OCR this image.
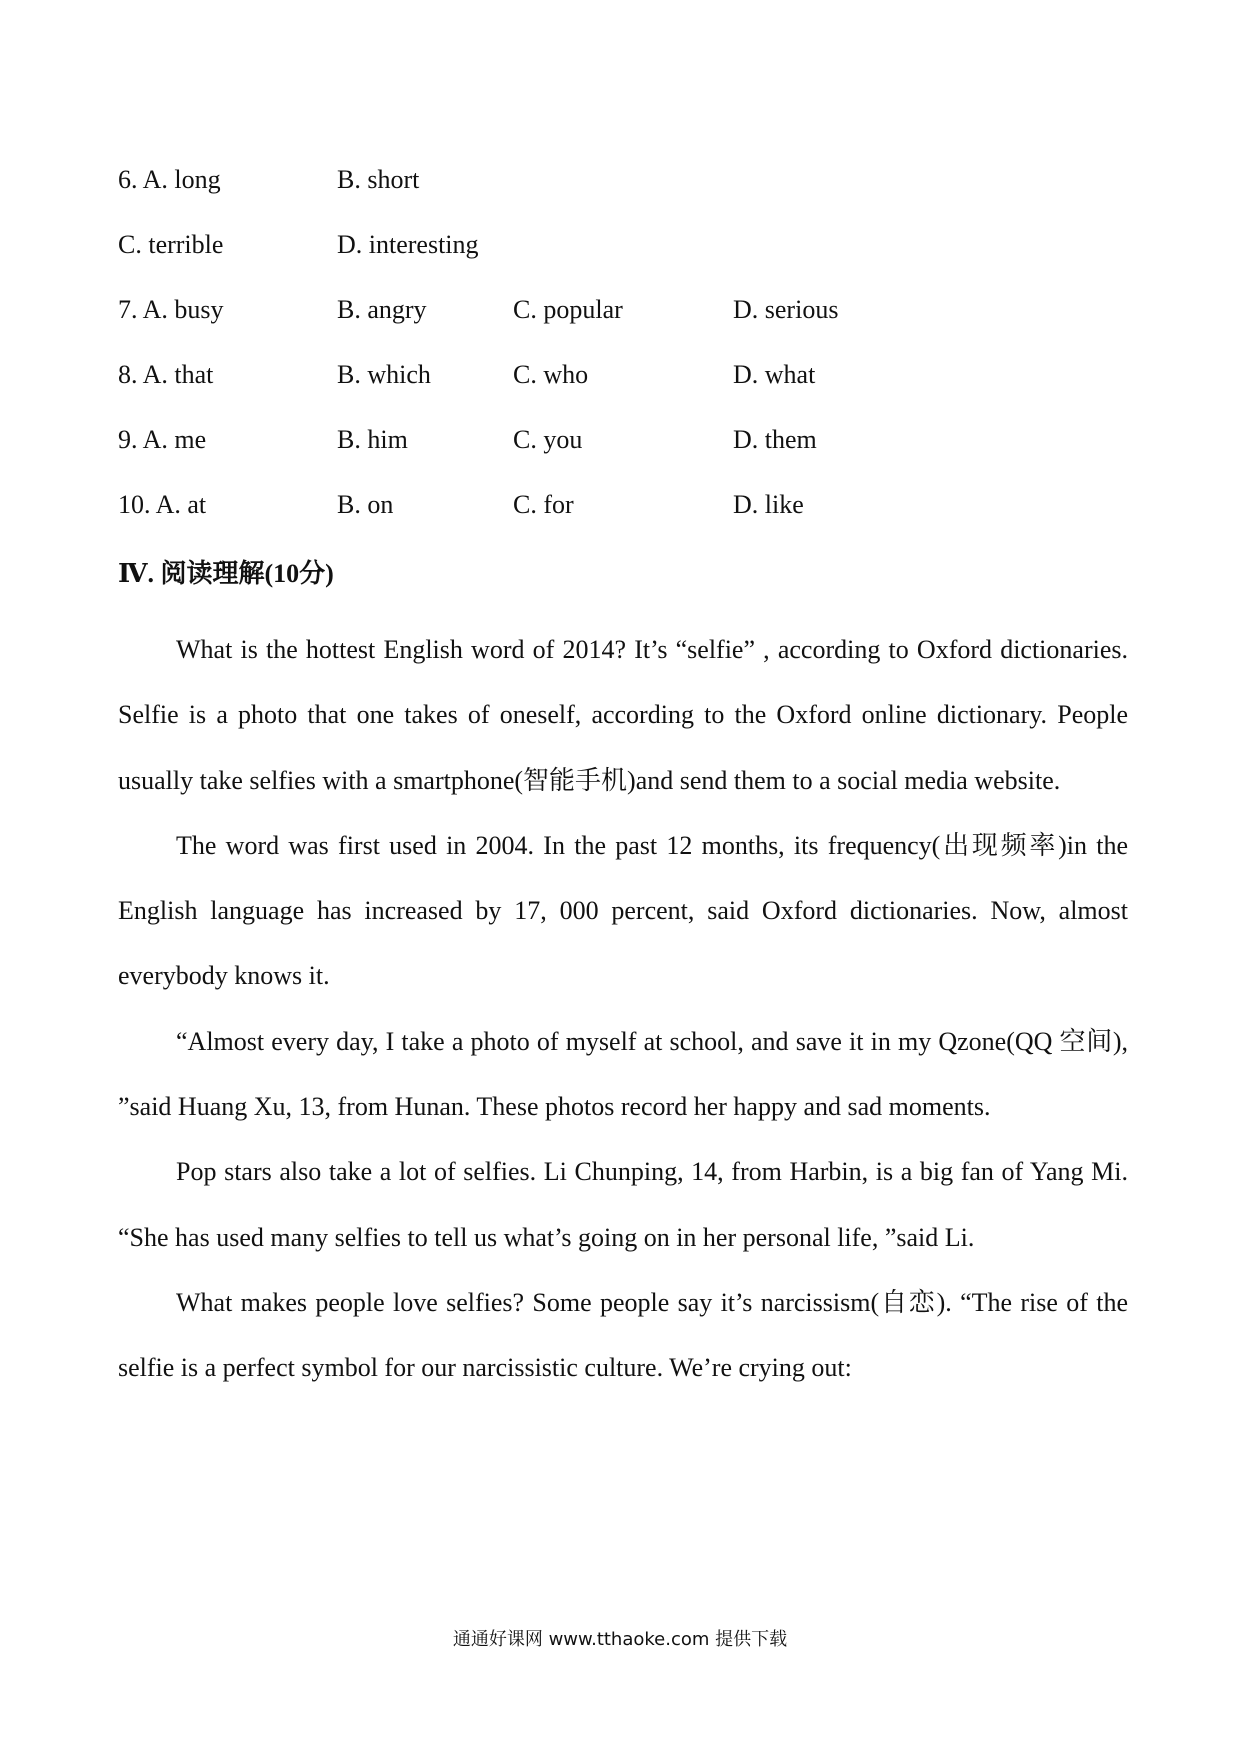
6. A. long	B. short
C. terrible	D. interesting
7. A. busy	B. angry	C. popular	D. serious
8. A. that	B. which	C. who	D. what
9. A. me	B. him	C. you	D. them
10. A. at	B. on	C. for	D. like
Ⅳ. 阅读理解(10分)

What is the hottest English word of 2014? It’s “selfie” , according to Oxford dictionaries. Selfie is a photo that one takes of oneself, according to the Oxford online dictionary. People usually take selfies with a smartphone(智能手机)and send them to a social media website.

The word was first used in 2004. In the past 12 months, its frequency(出现频率)in the English language has increased by 17, 000 percent, said Oxford dictionaries. Now, almost everybody knows it.

“Almost every day, I take a photo of myself at school, and save it in my Qzone(QQ 空间), ”said Huang Xu, 13, from Hunan. These photos record her happy and sad moments.

Pop stars also take a lot of selfies. Li Chunping, 14, from Harbin, is a big fan of Yang Mi. “She has used many selfies to tell us what’s going on in her personal life, ”said Li.

What makes people love selfies? Some people say it’s narcissism(自恋). “The rise of the selfie is a perfect symbol for our narcissistic culture. We’re crying out:

通通好课网 www.tthaoke.com 提供下载
